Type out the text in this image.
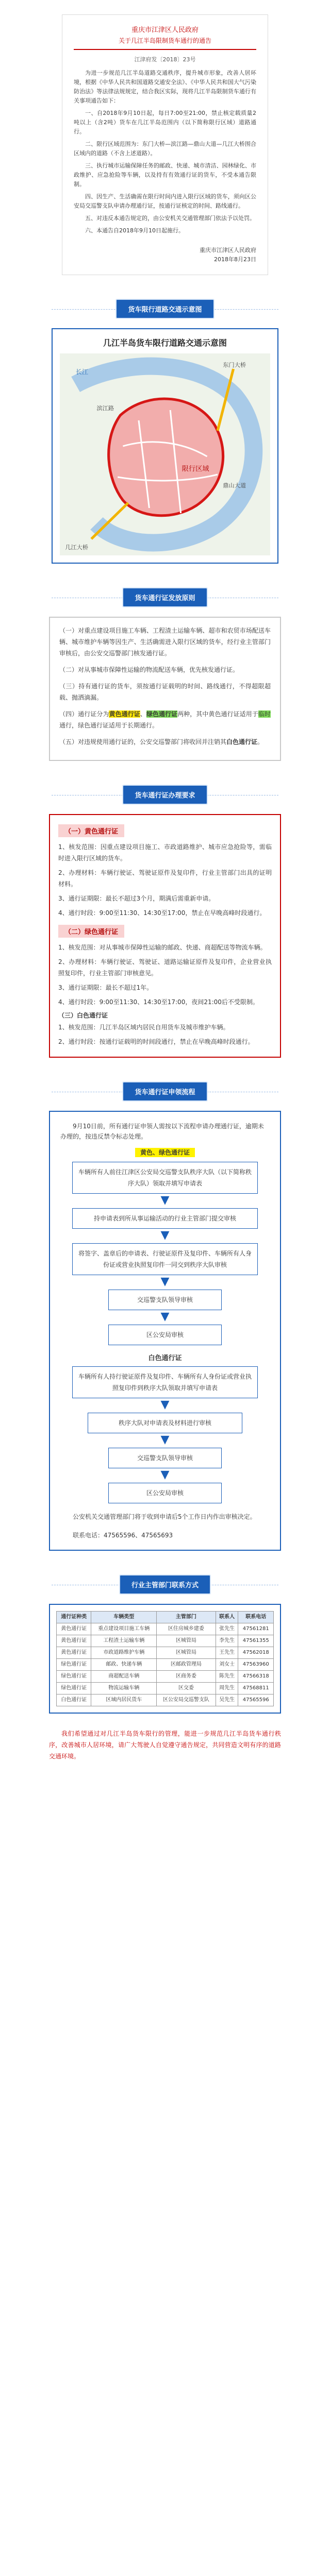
重庆市江津区人民政府
关于几江半岛限制货车通行的通告
江津府发〔2018〕23号

为进一步规范几江半岛道路交通秩序，提升城市形象，改善人居环境，根据《中华人民共和国道路交通安全法》、《中华人民共和国大气污染防治法》等法律法规规定，结合我区实际，现将几江半岛限制货车通行有关事项通告如下：

一、自2018年9月10日起，每日7:00至21:00，禁止核定载质量2吨以上（含2吨）货车在几江半岛范围内（以下简称限行区域）道路通行。

二、限行区域范围为：东门大桥—滨江路—鼎山大道—几江大桥围合区域内的道路（不含上述道路）。

三、执行城市运输保障任务的邮政、快递、城市清洁、园林绿化、市政维护、应急抢险等车辆，以及持有有效通行证的货车，不受本通告限制。

四、因生产、生活确需在限行时间内进入限行区域的货车，须向区公安局交巡警支队申请办理通行证，按通行证核定的时间、路线通行。

五、对违反本通告规定的，由公安机关交通管理部门依法予以处罚。

六、本通告自2018年9月10日起施行。

重庆市江津区人民政府
2018年8月23日
货车限行道路交通示意图
几江半岛货车限行道路交通示意图
限行区域
长江
东门大桥
几江大桥
鼎山大道
滨江路
货车通行证发放原则

（一）对重点建设项目施工车辆、工程渣土运输车辆、超市和农贸市场配送车辆、城市维护车辆等因生产、生活确需进入限行区域的货车，经行业主管部门审核后，由公安交巡警部门核发通行证。

（二）对从事城市保障性运输的物流配送车辆，优先核发通行证。

（三）持有通行证的货车，须按通行证载明的时间、路线通行，不得超限超载、抛洒滴漏。

（四）通行证分为黄色通行证、绿色通行证两种，其中黄色通行证适用于临时通行，绿色通行证适用于长期通行。

（五）对违规使用通行证的，公安交巡警部门将收回并注销其白色通行证。

货车通行证办理要求
（一）黄色通行证

1、核发范围：因重点建设项目施工、市政道路维护、城市应急抢险等，需临时进入限行区域的货车。

2、办理材料：车辆行驶证、驾驶证原件及复印件，行业主管部门出具的证明材料。

3、通行证期限：最长不超过3个月，期满后需重新申请。

4、通行时段：9:00至11:30、14:30至17:00，禁止在早晚高峰时段通行。

（二）绿色通行证

1、核发范围：对从事城市保障性运输的邮政、快递、商超配送等物流车辆。

2、办理材料：车辆行驶证、驾驶证、道路运输证原件及复印件，企业营业执照复印件，行业主管部门审核意见。

3、通行证期限：最长不超过1年。

4、通行时段：9:00至11:30、14:30至17:00，夜间21:00后不受限制。

（三）白色通行证

1、核发范围：几江半岛区域内居民自用货车及城市维护车辆。

2、通行时段：按通行证载明的时间段通行，禁止在早晚高峰时段通行。

货车通行证申领流程

9月10日前，所有通行证申领人需按以下流程申请办理通行证，逾期未办理的，按违反禁令标志处理。

黄色、绿色通行证
车辆所有人前往江津区公安局交巡警支队秩序大队（以下简称秩序大队）领取并填写申请表
▼
持申请表到所从事运输活动的行业主管部门提交审核
▼
将签字、盖章后的申请表、行驶证原件及复印件、车辆所有人身份证或营业执照复印件一同交到秩序大队审核
▼
交巡警支队领导审核
▼
区公安局审核
白色通行证
车辆所有人持行驶证原件及复印件、车辆所有人身份证或营业执照复印件到秩序大队领取并填写申请表
▼
秩序大队对申请表及材料进行审核
▼
交巡警支队领导审核
▼
区公安局审核

公安机关交通管理部门将于收到申请后5个工作日内作出审核决定。

联系电话：47565596、47565693

行业主管部门联系方式
通行证种类	车辆类型	主管部门	联系人	联系电话
黄色通行证	重点建设项目施工车辆	区住房城乡建委	张先生	47561281
黄色通行证	工程渣土运输车辆	区城管局	李先生	47561355
黄色通行证	市政道路维护车辆	区城管局	王先生	47562018
绿色通行证	邮政、快递车辆	区邮政管理局	刘女士	47563960
绿色通行证	商超配送车辆	区商务委	陈先生	47566318
绿色通行证	物流运输车辆	区交委	周先生	47568811
白色通行证	区域内居民货车	区公安局交巡警支队	吴先生	47565596

我们希望通过对几江半岛货车限行的管理，能进一步规范几江半岛货车通行秩序，改善城市人居环境，请广大驾驶人自觉遵守通告规定，共同营造文明有序的道路交通环境。
